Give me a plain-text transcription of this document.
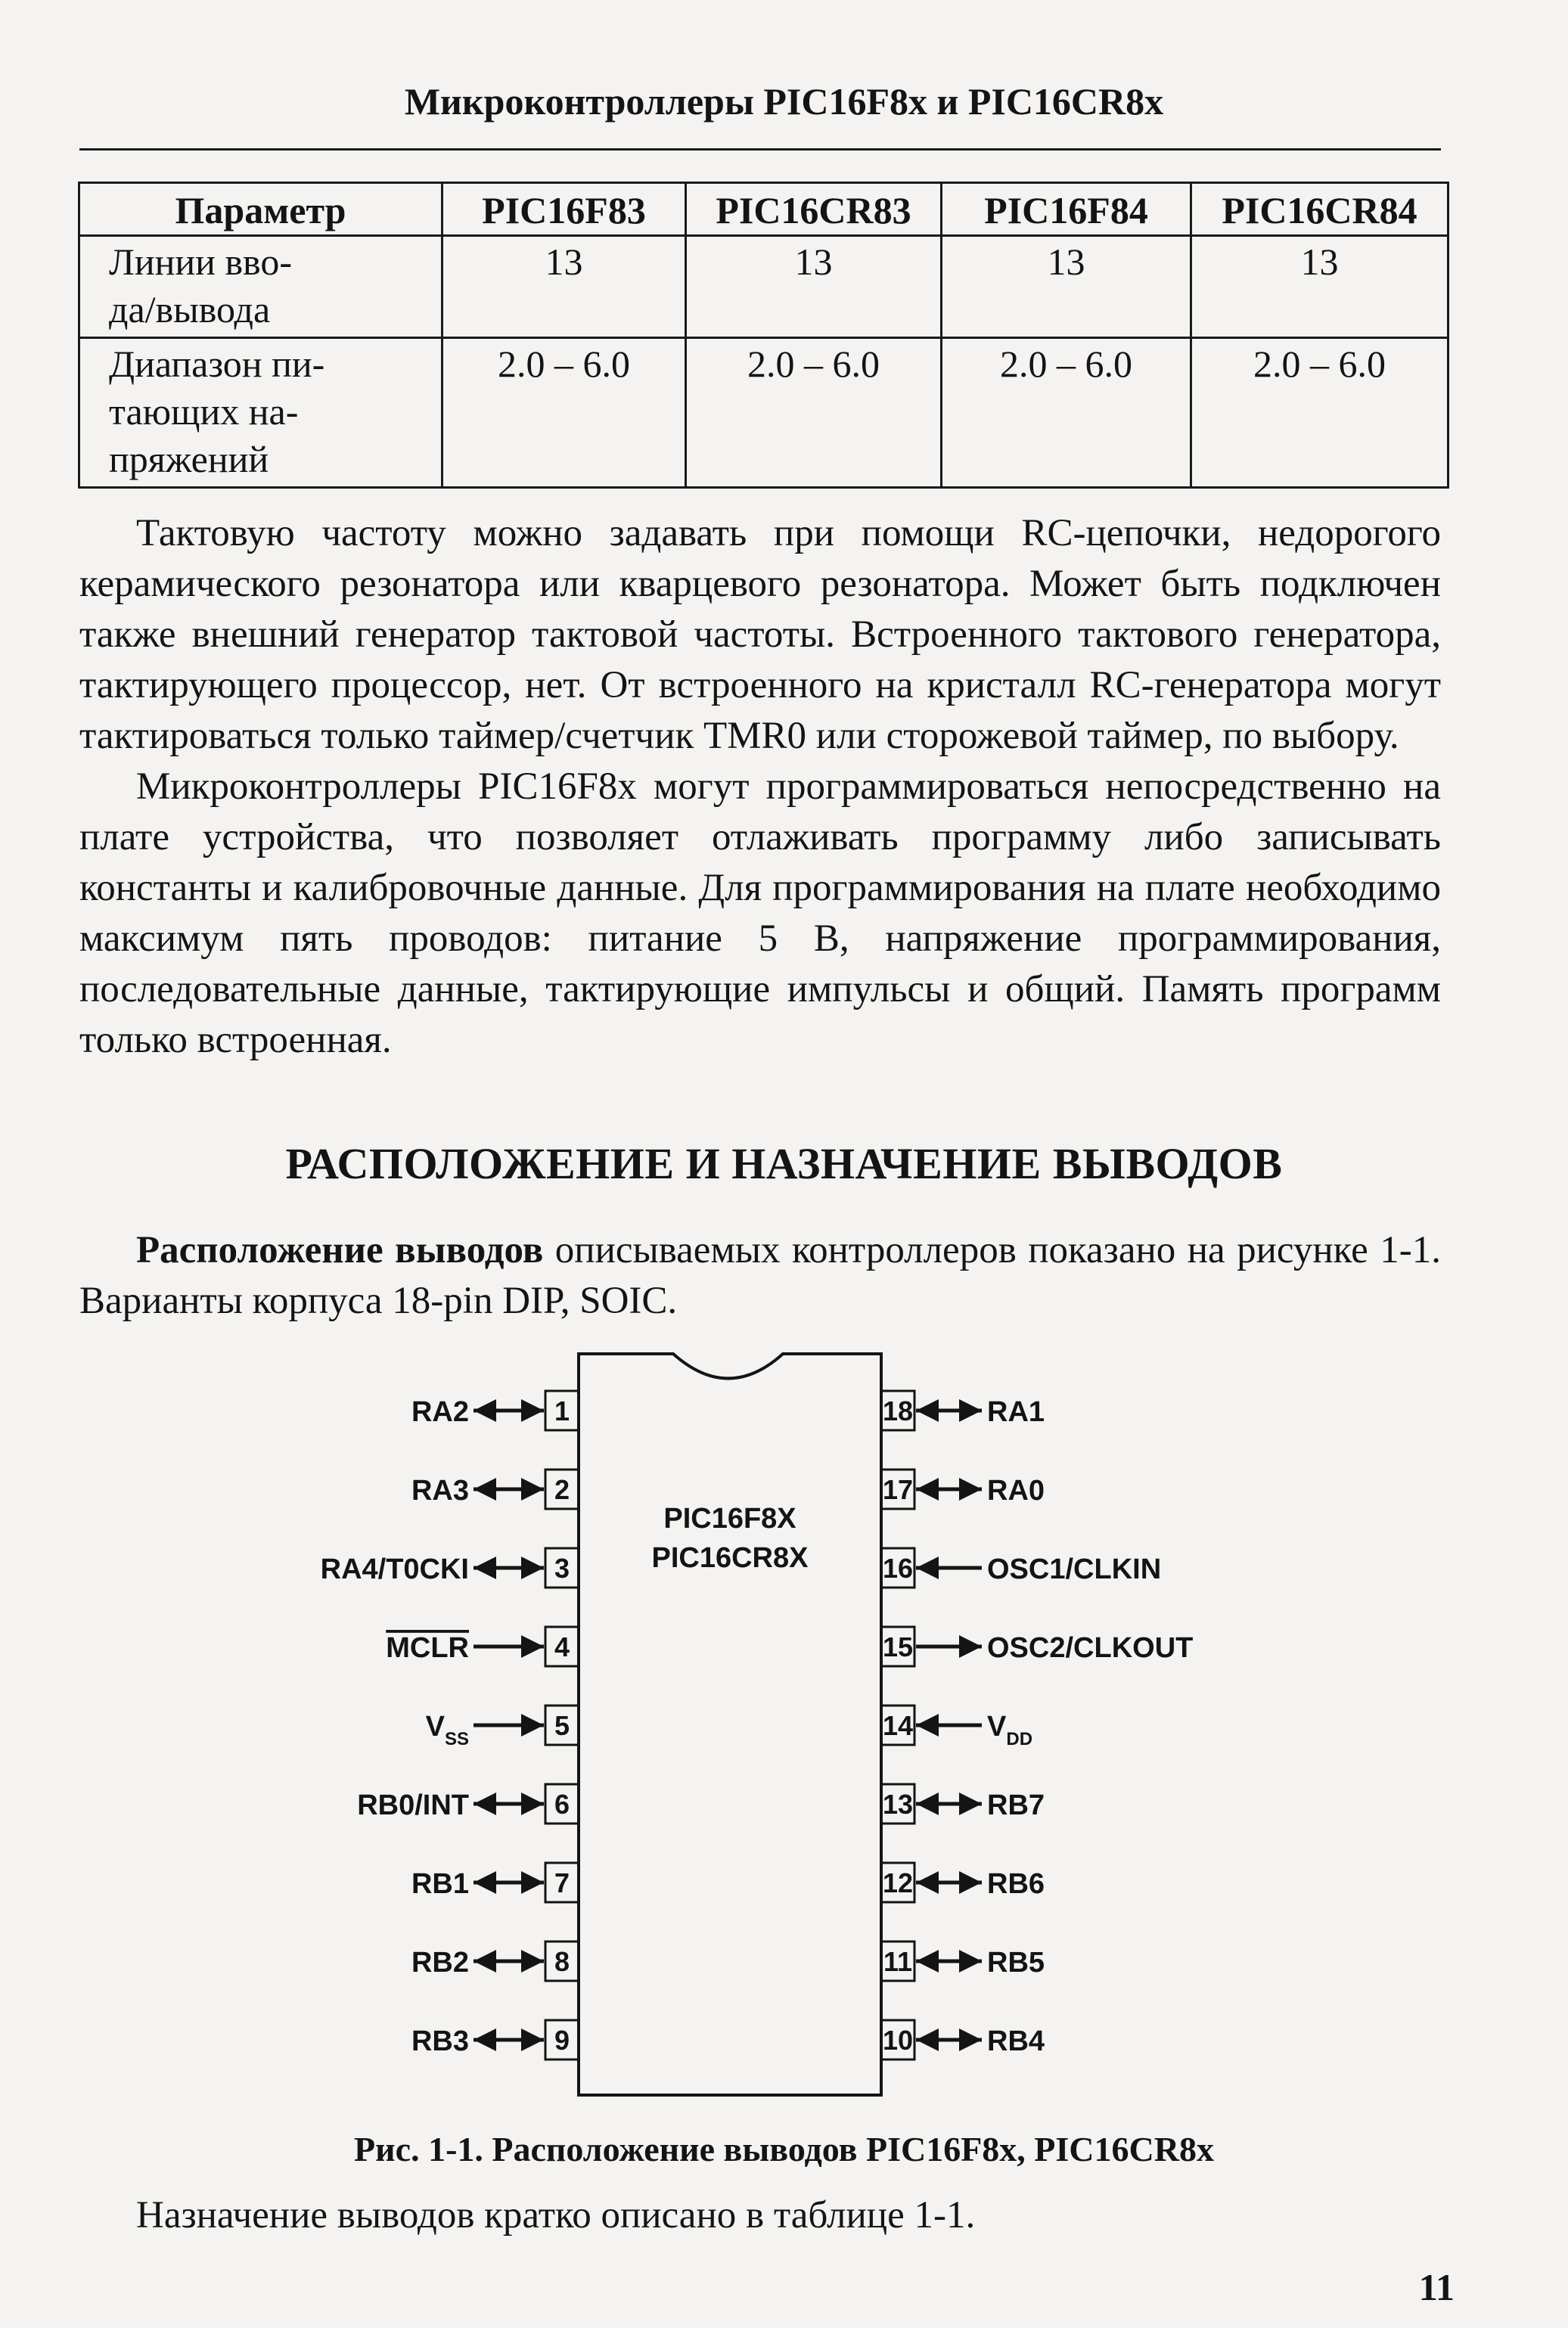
Микроконтроллеры PIC16F8x и PIC16CR8x
Параметр	PIC16F83	PIC16CR83	PIC16F84	PIC16CR84

Линии вво-
да/вывода	13	13	13	13

Диапазон пи-
тающих на-
пряжений	2.0 – 6.0	2.0 – 6.0	2.0 – 6.0	2.0 – 6.0

Тактовую частоту можно задавать при помощи RC-цепочки, недорогого керамического резонатора или кварцевого резонатора. Может быть подключен также внешний генератор тактовой частоты. Встроенного тактового генератора, тактирующего процессор, нет. От встроенного на кристалл RC-генератора могут тактироваться только таймер/счетчик TMR0 или сторожевой таймер, по выбору.

Микроконтроллеры PIC16F8x могут программироваться непосредственно на плате устройства, что позволяет отлаживать программу либо записывать константы и калибровочные данные. Для программирования на плате необходимо максимум пять проводов: питание 5 В, напряжение программирования, последовательные данные, тактирующие импульсы и общий. Память программ только встроенная.

РАСПОЛОЖЕНИЕ И НАЗНАЧЕНИЕ ВЫВОДОВ

Расположение выводов описываемых контроллеров показано на рисунке 1-1. Варианты корпуса 18-pin DIP, SOIC.

PIC16F8X
PIC16CR8X
1
RA2
2
RA3
3
RA4/T0CKI
4
MCLR
5
$V_{SS}$
6
RB0/INT
7
RB1
8
RB2
9
RB3
18	RA1
17	RA0
16	OSC1/CLKIN
15	OSC2/CLKOUT
14	$V_{DD}$
13	RB7
12	RB6
11	RB5
10	RB4
Рис. 1-1. Расположение выводов PIC16F8x, PIC16CR8x
Назначение выводов кратко описано в таблице 1-1.
11
